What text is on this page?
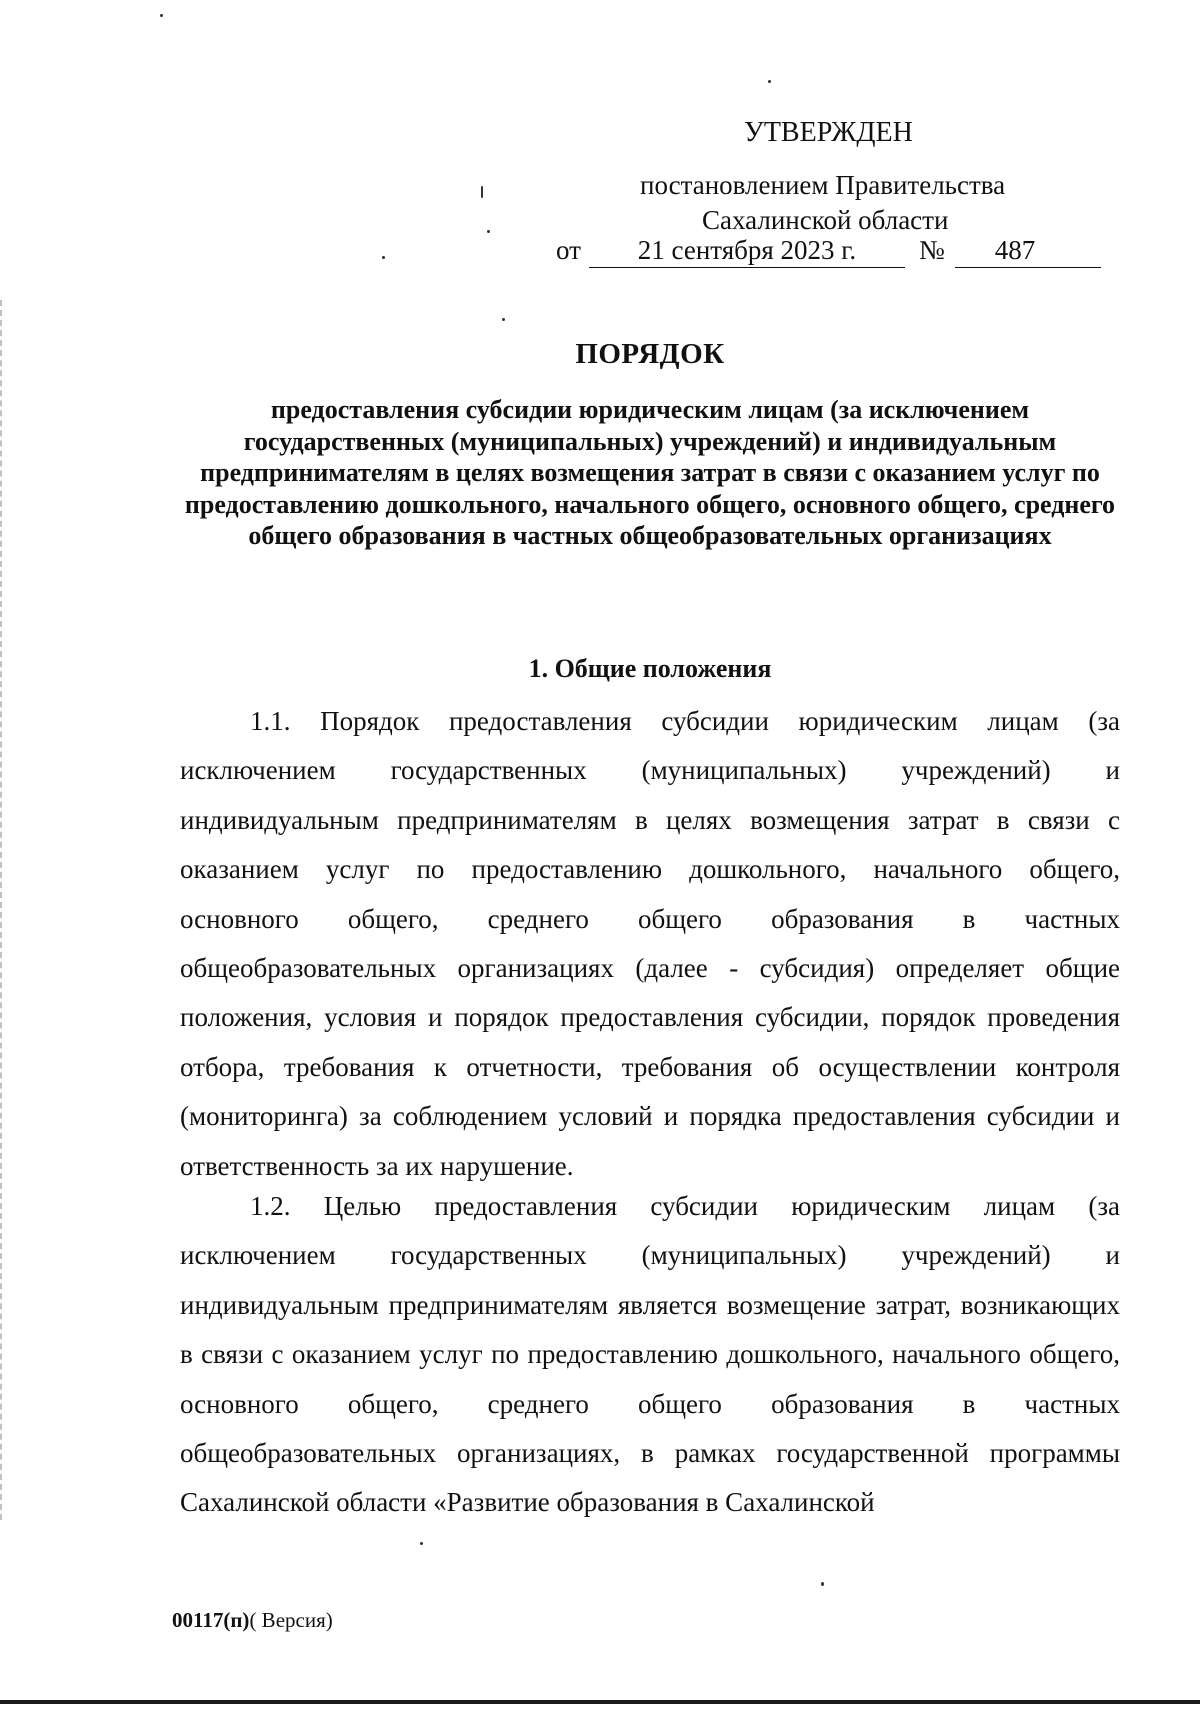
УТВЕРЖДЕН
постановлением Правительства
Сахалинской области
от 21 сентября 2023 г. № 487
ПОРЯДОК
предоставления субсидии юридическим лицам (за исключением государственных (муниципальных) учреждений) и индивидуальным предпринимателям в целях возмещения затрат в связи с оказанием услуг по предоставлению дошкольного, начального общего, основного общего, среднего общего образования в частных общеобразовательных организациях
1. Общие положения
1.1. Порядок предоставления субсидии юридическим лицам (за исключением государственных (муниципальных) учреждений) и индивидуальным предпринимателям в целях возмещения затрат в связи с оказанием услуг по предоставлению дошкольного, начального общего, основного общего, среднего общего образования в частных общеобразовательных организациях (далее - субсидия) определяет общие положения, условия и порядок предоставления субсидии, порядок проведения отбора, требования к отчетности, требования об осуществлении контроля (мониторинга) за соблюдением условий и порядка предоставления субсидии и ответственность за их нарушение.
1.2. Целью предоставления субсидии юридическим лицам (за исключением государственных (муниципальных) учреждений) и индивидуальным предпринимателям является возмещение затрат, возникающих в связи с оказанием услуг по предоставлению дошкольного, начального общего, основного общего, среднего общего образования в частных общеобразовательных организациях, в рамках государственной программы Сахалинской области «Развитие образования в Сахалинской
00117(п)( Версия)
